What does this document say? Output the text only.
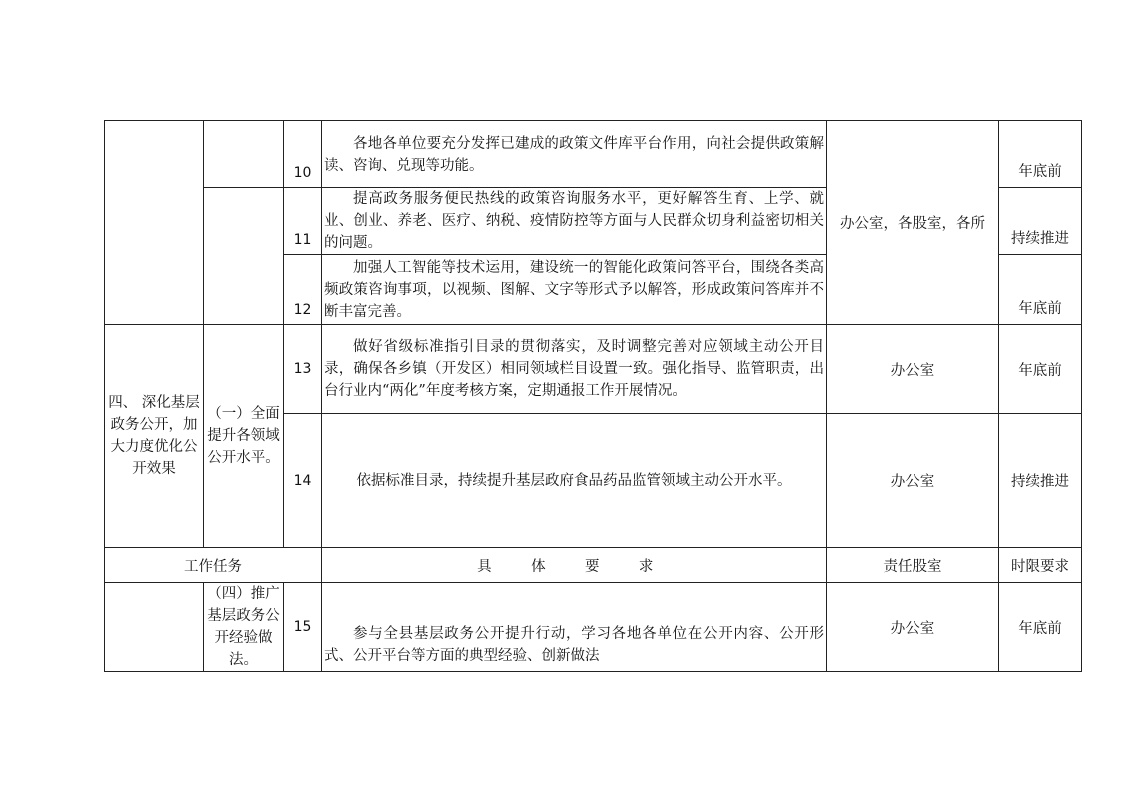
		10	各地各单位要充分发挥已建成的政策文件库平台作用，向社会提供政策解读、咨询、兑现等功能。	办公室，各股室，各所	年底前
		11	提高政务服务便民热线的政策咨询服务水平，更好解答生育、上学、就业、创业、养老、医疗、纳税、疫情防控等方面与人民群众切身利益密切相关的问题。		持续推进
		12	加强人工智能等技术运用，建设统一的智能化政策问答平台，围绕各类高频政策咨询事项，以视频、图解、文字等形式予以解答，形成政策问答库并不断丰富完善。		年底前
四、 深化基层政务公开，加大力度优化公开效果	（一）全面提升各领域公开水平。	13	做好省级标准指引目录的贯彻落实，及时调整完善对应领域主动公开目录，确保各乡镇（开发区）相同领域栏目设置一致。强化指导、监管职责，出台行业内“两化”年度考核方案，定期通报工作开展情况。	办公室	年底前
		14	依据标准目录，持续提升基层政府食品药品监管领域主动公开水平。	办公室	持续推进
工作任务			具 体 要 求	责任股室	时限要求
	（四）推广基层政务公开经验做法。	15	参与全县基层政务公开提升行动，学习各地各单位在公开内容、公开形式、公开平台等方面的典型经验、创新做法	办公室	年底前
